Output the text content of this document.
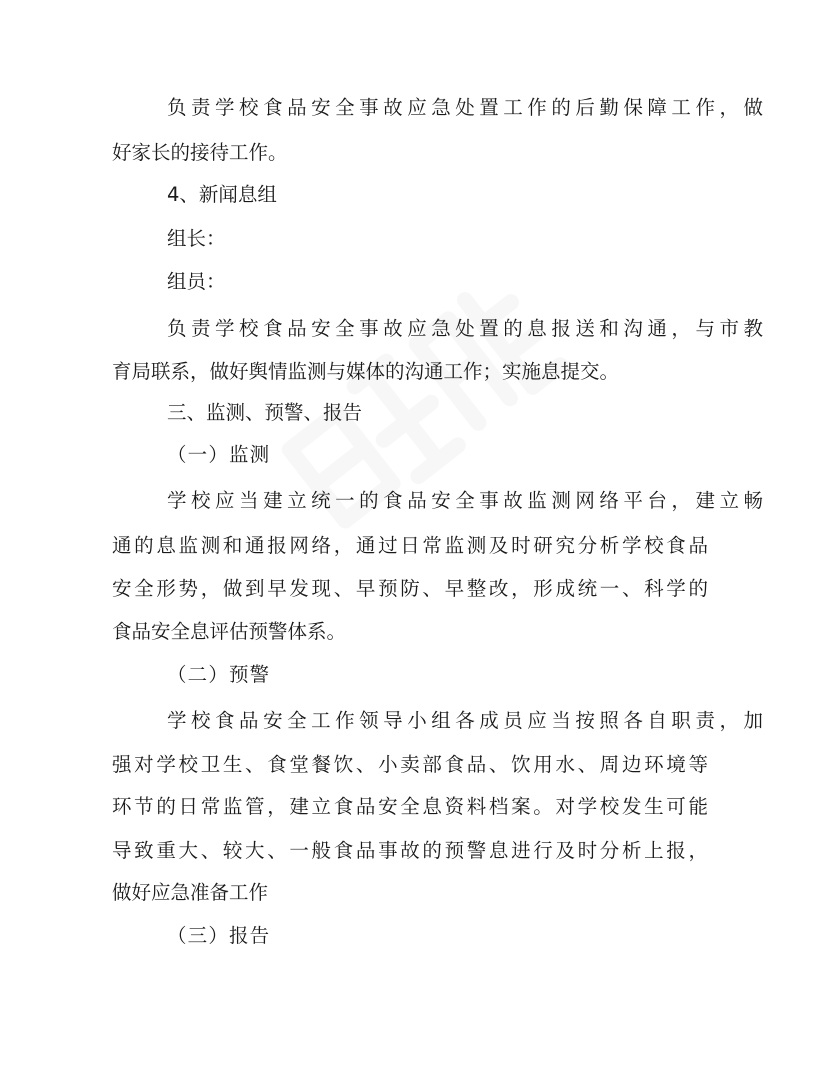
负责学校食品安全事故应急处置工作的后勤保障工作，做
好家长的接待工作。
4、新闻息组
组长：
组员：
负责学校食品安全事故应急处置的息报送和沟通，与市教
育局联系，做好舆情监测与媒体的沟通工作；实施息提交。
三、监测、预警、报告
（一）监测
学校应当建立统一的食品安全事故监测网络平台，建立畅
通的息监测和通报网络，通过日常监测及时研究分析学校食品
安全形势，做到早发现、早预防、早整改，形成统一、科学的
食品安全息评估预警体系。
（二）预警
学校食品安全工作领导小组各成员应当按照各自职责，加
强对学校卫生、食堂餐饮、小卖部食品、饮用水、周边环境等
环节的日常监管，建立食品安全息资料档案。对学校发生可能
导致重大、较大、一般食品事故的预警息进行及时分析上报，
做好应急准备工作
（三）报告
